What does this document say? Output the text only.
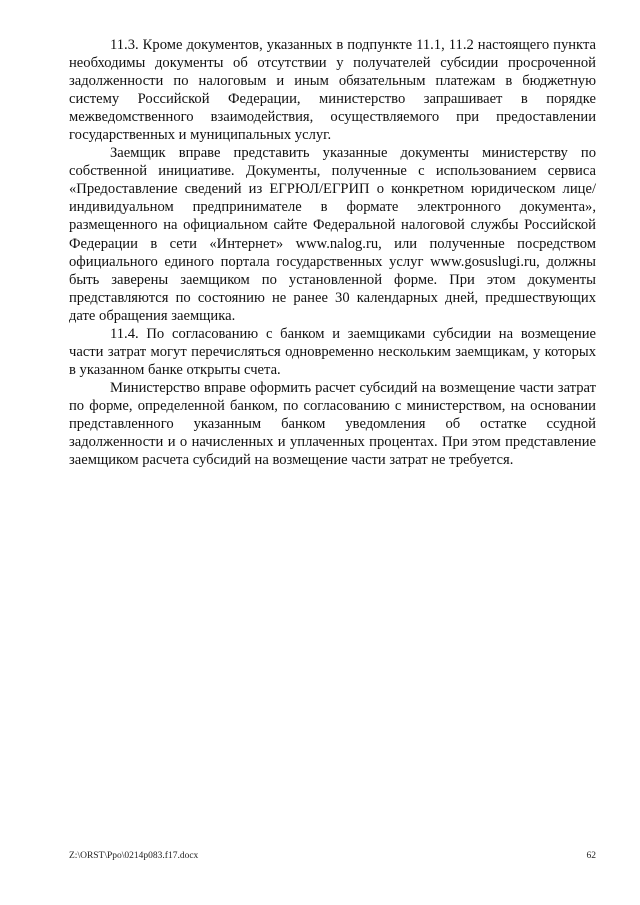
11.3. Кроме документов, указанных в подпункте 11.1, 11.2 настоящего пункта необходимы документы об отсутствии у получателей субсидии просроченной задолженности по налоговым и иным обязательным платежам в бюджетную систему Российской Федерации, министерство запрашивает в порядке межведомственного взаимодействия, осуществляемого при предоставлении государственных и муниципальных услуг.

Заемщик вправе представить указанные документы министерству по собственной инициативе. Документы, полученные с использованием сервиса «Предоставление сведений из ЕГРЮЛ/ЕГРИП о конкретном юридическом лице/индивидуальном предпринимателе в формате электронного документа», размещенного на официальном сайте Федеральной налоговой службы Российской Федерации в сети «Интернет» www.nalog.ru, или полученные посредством официального единого портала государственных услуг www.gosuslugi.ru, должны быть заверены заемщиком по установленной форме. При этом документы представляются по состоянию не ранее 30 календарных дней, предшествующих дате обращения заемщика.

11.4. По согласованию с банком и заемщиками субсидии на возмещение части затрат могут перечисляться одновременно нескольким заемщикам, у которых в указанном банке открыты счета.

Министерство вправе оформить расчет субсидий на возмещение части затрат по форме, определенной банком, по согласованию с министерством, на основании представленного указанным банком уведомления об остатке ссудной задолженности и о начисленных и уплаченных процентах. При этом представление заемщиком расчета субсидий на возмещение части затрат не требуется.

Z:\ORST\Ppo\0214p083.f17.docx	62
